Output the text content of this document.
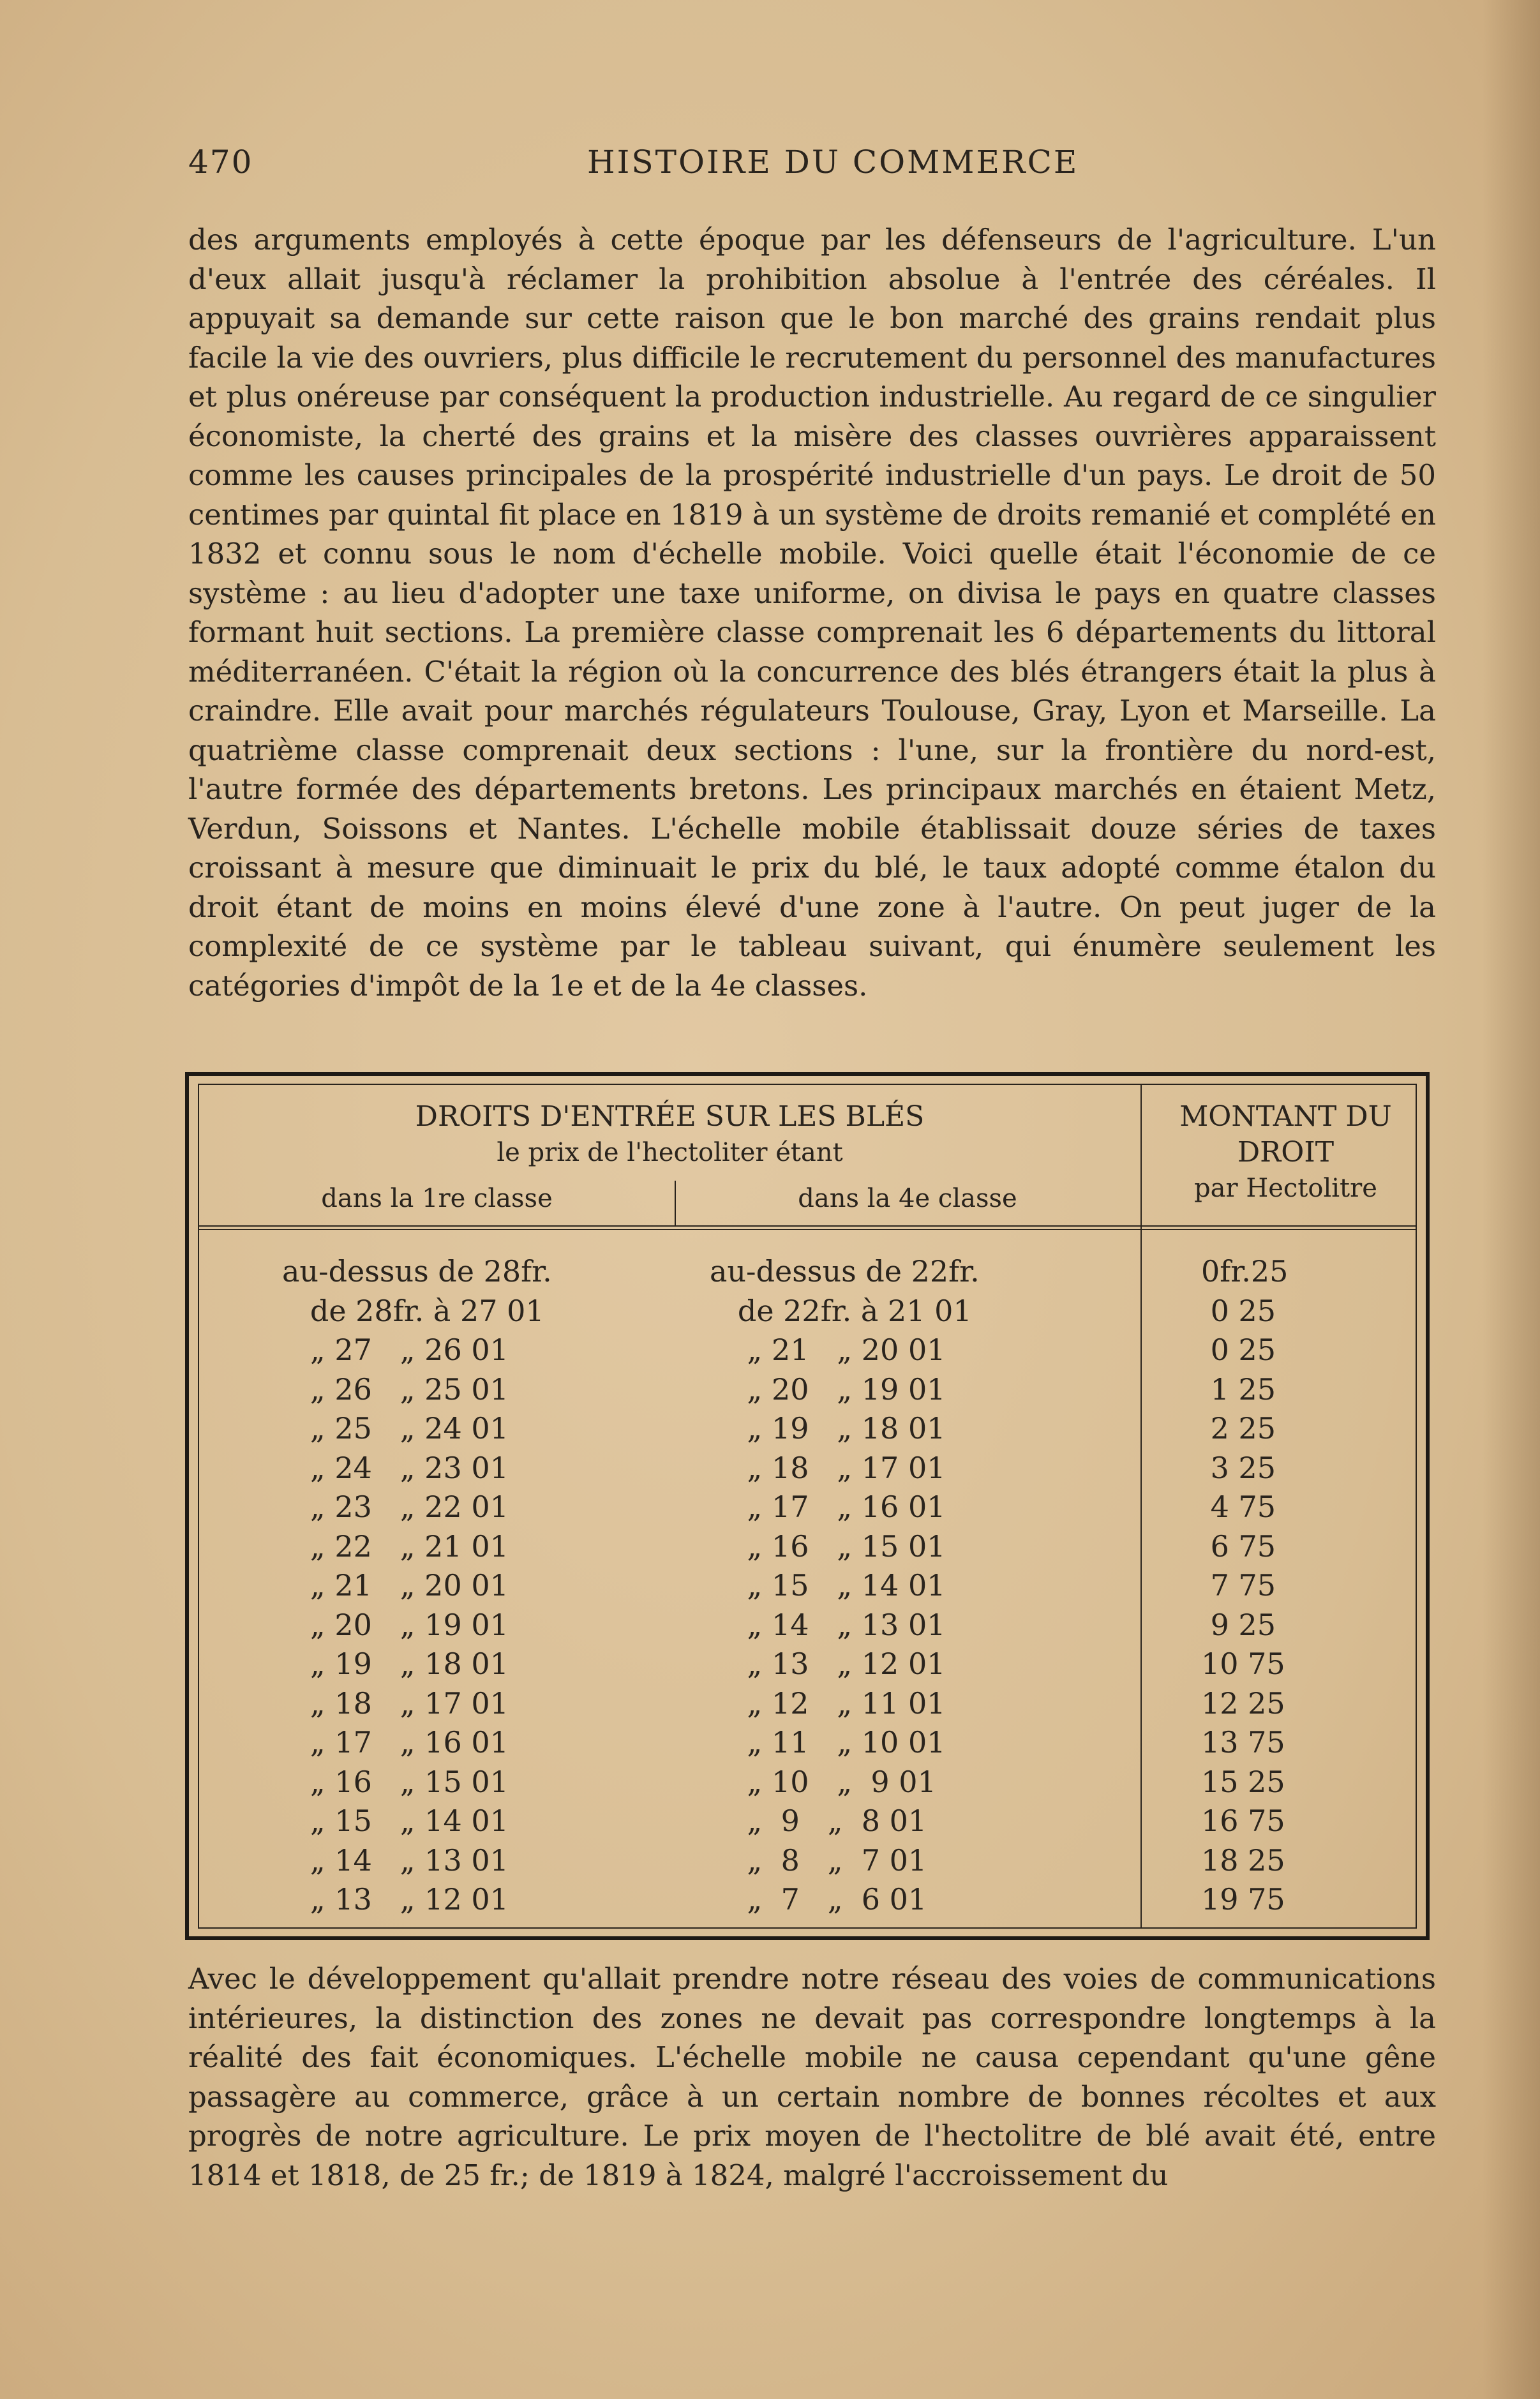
470	HISTOIRE DU COMMERCE

des arguments employés à cette époque par les défenseurs de l'agriculture. L'un d'eux allait jusqu'à réclamer la prohibition absolue à l'entrée des céréales. Il appuyait sa demande sur cette raison que le bon marché des grains rendait plus facile la vie des ouvriers, plus difficile le recrutement du personnel des manufactures et plus onéreuse par conséquent la production industrielle. Au regard de ce singulier économiste, la cherté des grains et la misère des classes ouvrières apparaissent comme les causes principales de la prospérité industrielle d'un pays. Le droit de 50 centimes par quintal fit place en 1819 à un système de droits remanié et complété en 1832 et connu sous le nom d'échelle mobile. Voici quelle était l'économie de ce système : au lieu d'adopter une taxe uniforme, on divisa le pays en quatre classes formant huit sections. La première classe comprenait les 6 départements du littoral méditerranéen. C'était la région où la concurrence des blés étrangers était la plus à craindre. Elle avait pour marchés régulateurs Toulouse, Gray, Lyon et Marseille. La quatrième classe comprenait deux sections : l'une, sur la frontière du nord-est, l'autre formée des départements bretons. Les principaux marchés en étaient Metz, Verdun, Soissons et Nantes. L'échelle mobile établissait douze séries de taxes croissant à mesure que diminuait le prix du blé, le taux adopté comme étalon du droit étant de moins en moins élevé d'une zone à l'autre. On peut juger de la complexité de ce système par le tableau suivant, qui énumère seulement les catégories d'impôt de la 1e et de la 4e classes.

DROITS D'ENTRÉE SUR LES BLÉS
le prix de l'hectoliter étant
dans la 1re classe	dans la 4e classe
MONTANT DU
DROIT
par Hectolitre
au-dessus de 28fr.	au-dessus de 22fr.	0fr.25
de 28fr. à 27 01	de 22fr. à 21 01	0 25
„ 27   „ 26 01	„ 21   „ 20 01	0 25
„ 26   „ 25 01	„ 20   „ 19 01	1 25
„ 25   „ 24 01	„ 19   „ 18 01	2 25
„ 24   „ 23 01	„ 18   „ 17 01	3 25
„ 23   „ 22 01	„ 17   „ 16 01	4 75
„ 22   „ 21 01	„ 16   „ 15 01	6 75
„ 21   „ 20 01	„ 15   „ 14 01	7 75
„ 20   „ 19 01	„ 14   „ 13 01	9 25
„ 19   „ 18 01	„ 13   „ 12 01	10 75
„ 18   „ 17 01	„ 12   „ 11 01	12 25
„ 17   „ 16 01	„ 11   „ 10 01	13 75
„ 16   „ 15 01	„ 10   „  9 01	15 25
„ 15   „ 14 01	„  9   „  8 01	16 75
„ 14   „ 13 01	„  8   „  7 01	18 25
„ 13   „ 12 01	„  7   „  6 01	19 75

Avec le développement qu'allait prendre notre réseau des voies de communications intérieures, la distinction des zones ne devait pas correspondre longtemps à la réalité des fait économiques. L'échelle mobile ne causa cependant qu'une gêne passagère au commerce, grâce à un certain nombre de bonnes récoltes et aux progrès de notre agriculture. Le prix moyen de l'hectolitre de blé avait été, entre 1814 et 1818, de 25 fr.; de 1819 à 1824, malgré l'accroissement du
